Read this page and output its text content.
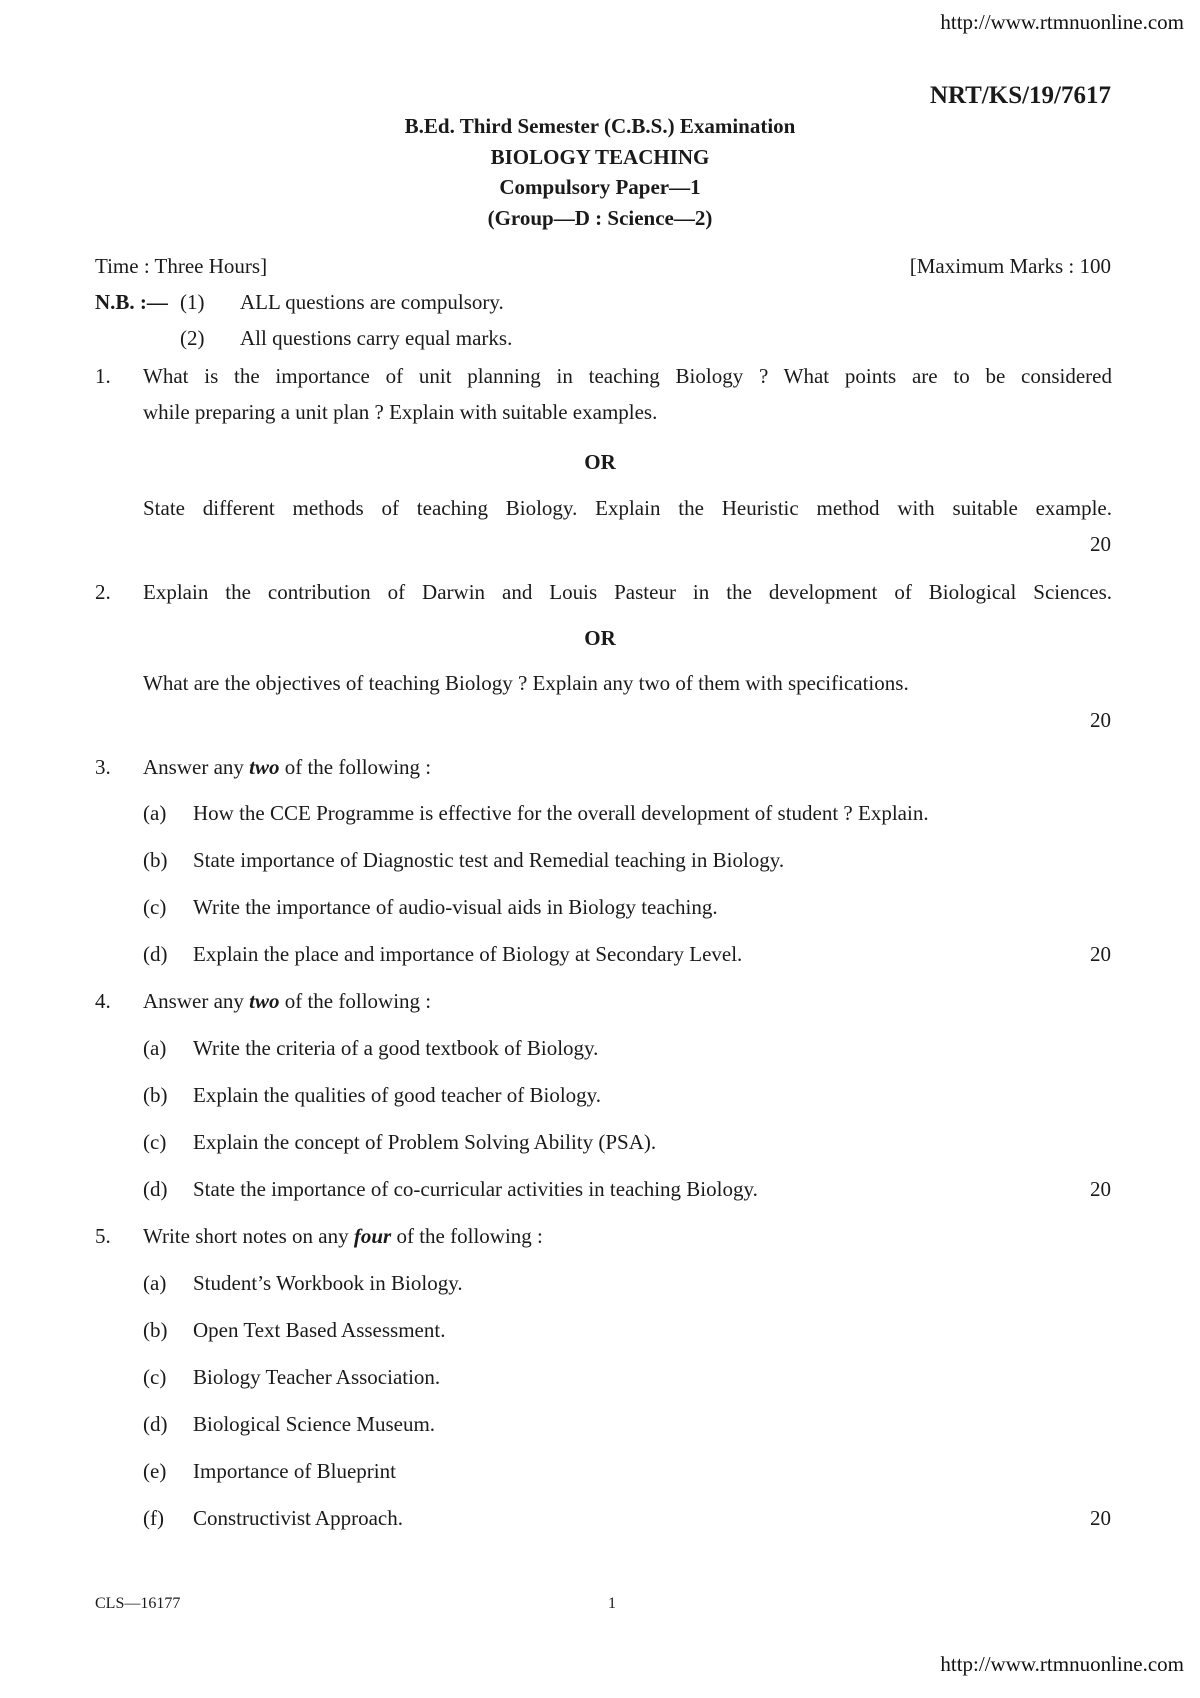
http://www.rtmnuonline.com
NRT/KS/19/7617
B.Ed. Third Semester (C.B.S.) Examination
BIOLOGY TEACHING
Compulsory Paper—1
(Group—D : Science—2)
Time : Three Hours]	[Maximum Marks : 100
N.B. :— (1) ALL questions are compulsory.
(2) All questions carry equal marks.
1. What is the importance of unit planning in teaching Biology ? What points are to be considered
while preparing a unit plan ? Explain with suitable examples.
OR
State different methods of teaching Biology. Explain the Heuristic method with suitable example.
20
2. Explain the contribution of Darwin and Louis Pasteur in the development of Biological Sciences.
OR
What are the objectives of teaching Biology ? Explain any two of them with specifications.
20
3. Answer any two of the following :
(a) How the CCE Programme is effective for the overall development of student ? Explain.
(b) State importance of Diagnostic test and Remedial teaching in Biology.
(c) Write the importance of audio-visual aids in Biology teaching.
(d) Explain the place and importance of Biology at Secondary Level.	20
4. Answer any two of the following :
(a) Write the criteria of a good textbook of Biology.
(b) Explain the qualities of good teacher of Biology.
(c) Explain the concept of Problem Solving Ability (PSA).
(d) State the importance of co-curricular activities in teaching Biology.	20
5. Write short notes on any four of the following :
(a) Student’s Workbook in Biology.
(b) Open Text Based Assessment.
(c) Biology Teacher Association.
(d) Biological Science Museum.
(e) Importance of Blueprint
(f) Constructivist Approach.	20
CLS—16177	1
http://www.rtmnuonline.com
